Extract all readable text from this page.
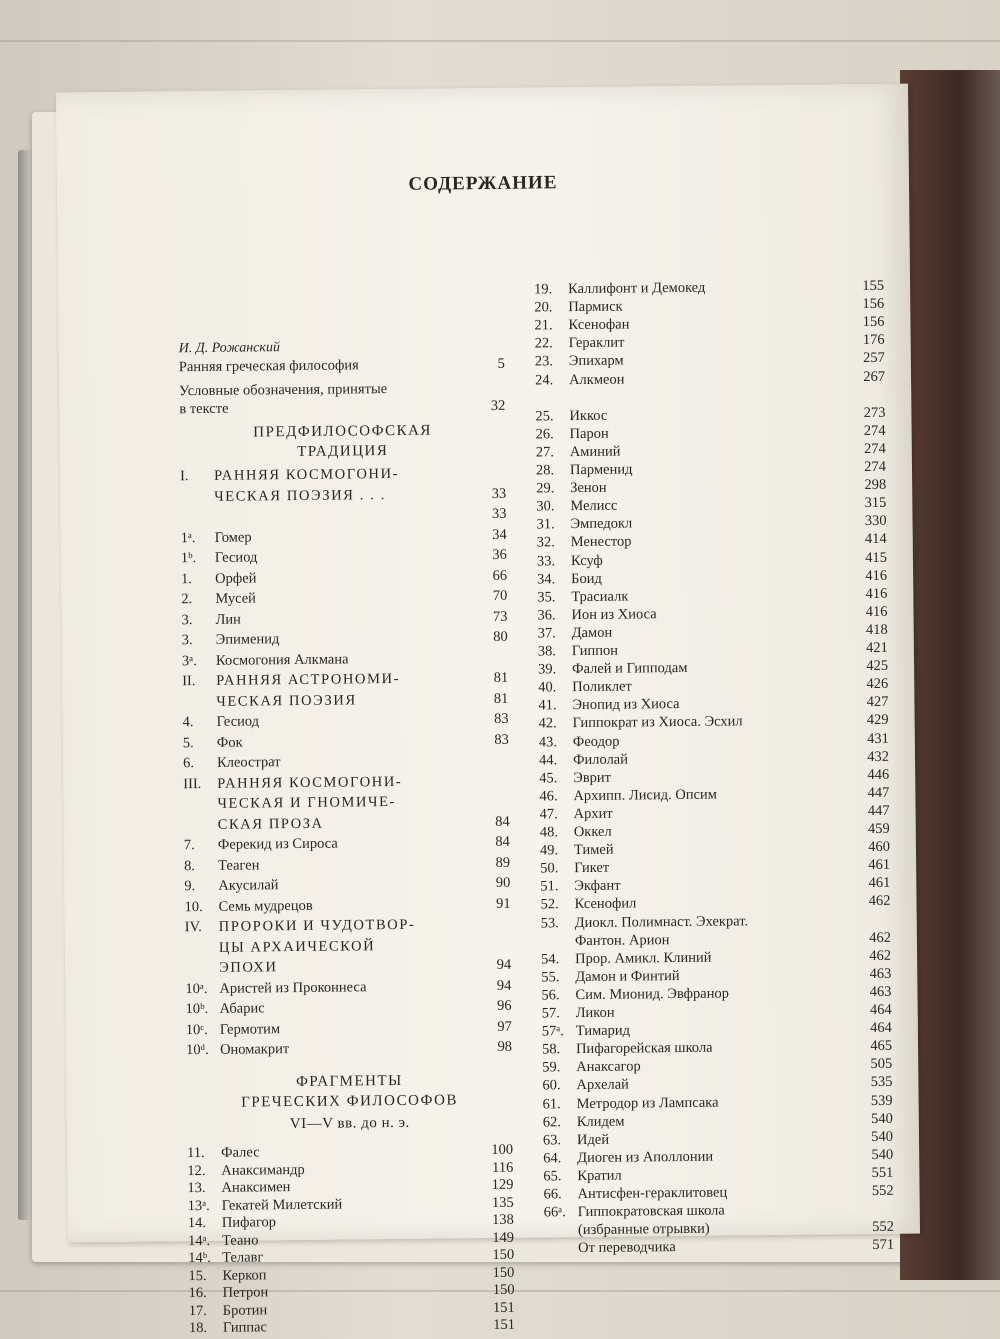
СОДЕРЖАНИЕ
И. Д. Рожанский
Ранняя греческая философия	5
Условные обозначения, принятые
в тексте	32
ПРЕДФИЛОСОФСКАЯ
ТРАДИЦИЯ
I. РАННЯЯ КОСМОГОНИ-
ЧЕСКАЯ ПОЭЗИЯ . . .	33
33
1ᵃ. Гомер	34
1ᵇ. Гесиод	36
1. Орфей	66
2. Мусей	70
3. Лин	73
3. Эпименид	80
3ᵃ. Космогония Алкмана
II. РАННЯЯ АСТРОНОМИ-	81
ЧЕСКАЯ ПОЭЗИЯ	81
4. Гесиод	83
5. Фок	83
6. Клеострат
III. РАННЯЯ КОСМОГОНИ-
ЧЕСКАЯ И ГНОМИЧЕ-
СКАЯ ПРОЗА	84
7. Ферекид из Сироса	84
8. Теаген	89
9. Акусилай	90
10. Семь мудрецов	91
IV. ПРОРОКИ И ЧУДОТВОР-
ЦЫ АРХАИЧЕСКОЙ
ЭПОХИ	94
10ᵃ. Аристей из Проконнеса	94
10ᵇ. Абарис	96
10ᶜ. Гермотим	97
10ᵈ. Ономакрит	98
ФРАГМЕНТЫ
ГРЕЧЕСКИХ ФИЛОСОФОВ
VI—V вв. до н. э.
11. Фалес	100
12. Анаксимандр	116
13. Анаксимен	129
13ᵃ. Гекатей Милетский	135
14. Пифагор	138
14ᵃ. Теано	149
14ᵇ. Телавг	150
15. Керкоп	150
16. Петрон	150
17. Бротин	151
18. Гиппас	151
19. Каллифонт и Демокед	155
20. Пармиск	156
21. Ксенофан	156
22. Гераклит	176
23. Эпихарм	257
24. Алкмеон	267
25. Иккос	273
26. Парон	274
27. Аминий	274
28. Парменид	274
29. Зенон	298
30. Мелисс	315
31. Эмпедокл	330
32. Менестор	414
33. Ксуф	415
34. Боид	416
35. Трасиалк	416
36. Ион из Хиоса	416
37. Дамон	418
38. Гиппон	421
39. Фалей и Гипподам	425
40. Поликлет	426
41. Энопид из Хиоса	427
42. Гиппократ из Хиоса. Эсхил	429
43. Феодор	431
44. Филолай	432
45. Эврит	446
46. Архипп. Лисид. Опсим	447
47. Архит	447
48. Оккел	459
49. Тимей	460
50. Гикет	461
51. Экфант	461
52. Ксенофил	462
53. Диокл. Полимнаст. Эхекрат.
Фантон. Арион	462
54. Прор. Амикл. Клиний	462
55. Дамон и Финтий	463
56. Сим. Мионид. Эвфранор	463
57. Ликон	464
57ᵃ. Тимарид	464
58. Пифагорейская школа	465
59. Анаксагор	505
60. Архелай	535
61. Метродор из Лампсака	539
62. Клидем	540
63. Идей	540
64. Диоген из Аполлонии	540
65. Кратил	551
66. Антисфен-гераклитовец	552
66ᵃ. Гиппократовская школа
(избранные отрывки)	552
От переводчика	571
